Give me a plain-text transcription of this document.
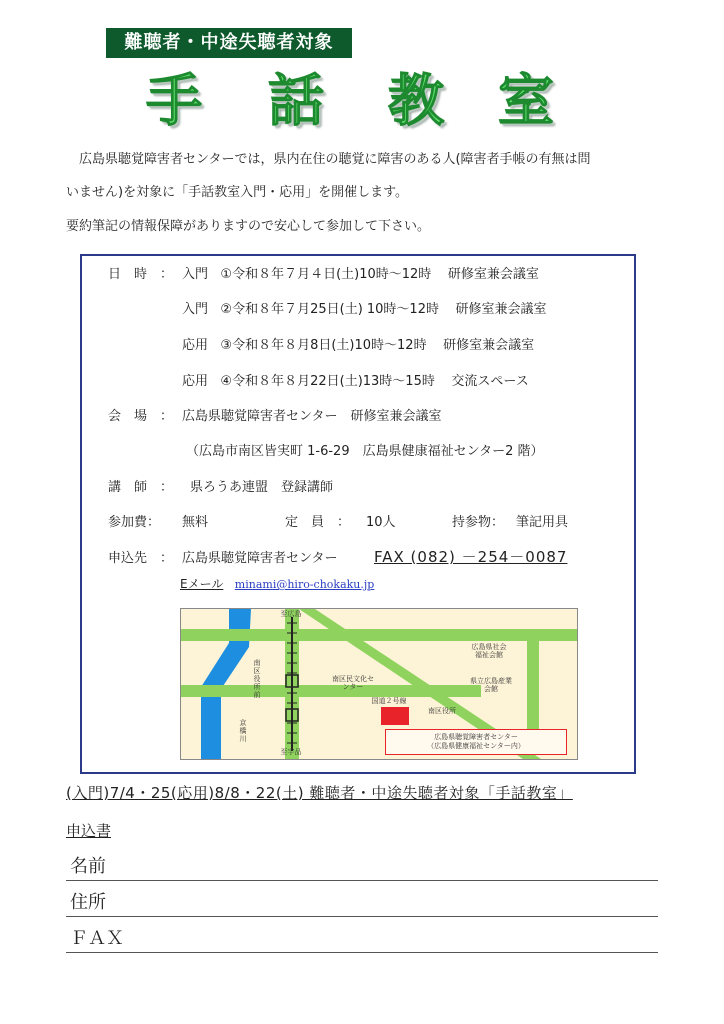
難聴者・中途失聴者対象
手 話 教 室
　広島県聴覚障害者センターでは，県内在住の聴覚に障害のある人(障害者手帳の有無は問
いません)を対象に「手話教室入門・応用」を開催します。
要約筆記の情報保障がありますので安心して参加して下さい。
日　時　： 入門 ①令和８年７月４日(土)10時～12時 研修室兼会議室
入門 ②令和８年７月25日(土) 10時～12時 研修室兼会議室
応用 ③令和８年８月8日(土)10時～12時 研修室兼会議室
応用 ④令和８年８月22日(土)13時～15時 交流スペース
会　場　： 広島県聴覚障害者センター　研修室兼会議室
（広島市南区皆実町 1-6-29　広島県健康福祉センター2 階）
講　師　： 県ろうあ連盟　登録講師
参加費： 無料	定　員　： 10人	持参物： 筆記用具
申込先　： 広島県聴覚障害者センター FAX (082) －254－0087
Eメール minami@hiro-chokaku.jp
至広島
至宇品
南区役所前
京橋川
南区民文化センター
国道２号線
南区役所
広島県社会福祉会館
県立広島産業会館
広島県聴覚障害者センター
（広島県健康福祉センター内）
(入門)7/4・25(応用)8/8・22(土) 難聴者・中途失聴者対象「手話教室」
申込書
名前
住所
ＦＡＸ
